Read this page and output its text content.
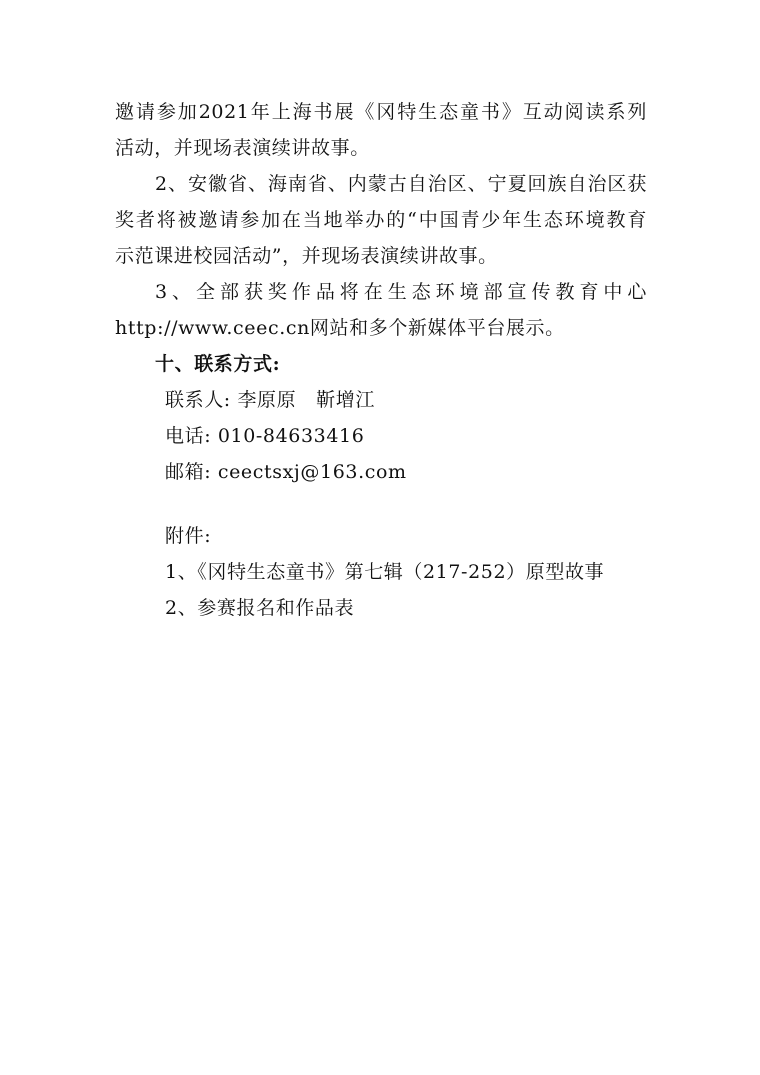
邀请参加2021年上海书展《冈特生态童书》互动阅读系列
活动，并现场表演续讲故事。
2、安徽省、海南省、内蒙古自治区、宁夏回族自治区获
奖者将被邀请参加在当地举办的“中国青少年生态环境教育
示范课进校园活动”，并现场表演续讲故事。
3、全部获奖作品将在生态环境部宣传教育中心
http://www.ceec.cn网站和多个新媒体平台展示。
十、联系方式:
联系人: 李原原   靳增江
电话: 010-84633416
邮箱: ceectsxj@163.com
附件:
1、《冈特生态童书》第七辑（217-252）原型故事
2、参赛报名和作品表
